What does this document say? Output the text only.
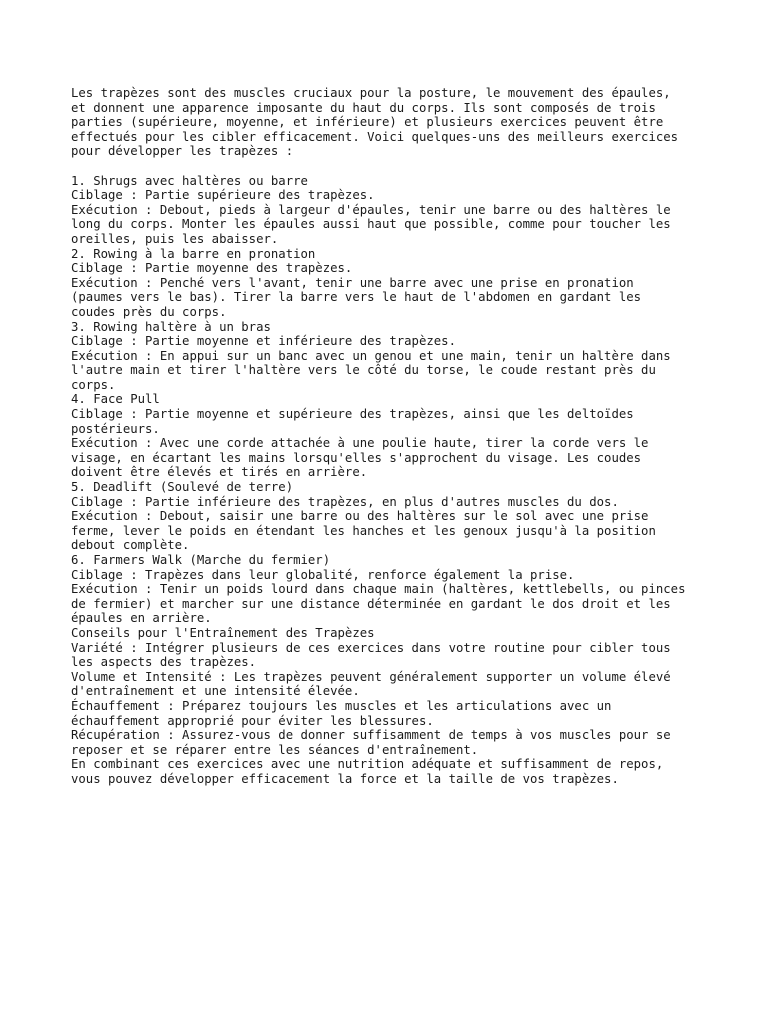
Les trapèzes sont des muscles cruciaux pour la posture, le mouvement des épaules,
et donnent une apparence imposante du haut du corps. Ils sont composés de trois
parties (supérieure, moyenne, et inférieure) et plusieurs exercices peuvent être
effectués pour les cibler efficacement. Voici quelques-uns des meilleurs exercices
pour développer les trapèzes :
1. Shrugs avec haltères ou barre
Ciblage : Partie supérieure des trapèzes.
Exécution : Debout, pieds à largeur d'épaules, tenir une barre ou des haltères le
long du corps. Monter les épaules aussi haut que possible, comme pour toucher les
oreilles, puis les abaisser.
2. Rowing à la barre en pronation
Ciblage : Partie moyenne des trapèzes.
Exécution : Penché vers l'avant, tenir une barre avec une prise en pronation
(paumes vers le bas). Tirer la barre vers le haut de l'abdomen en gardant les
coudes près du corps.
3. Rowing haltère à un bras
Ciblage : Partie moyenne et inférieure des trapèzes.
Exécution : En appui sur un banc avec un genou et une main, tenir un haltère dans
l'autre main et tirer l'haltère vers le côté du torse, le coude restant près du
corps.
4. Face Pull
Ciblage : Partie moyenne et supérieure des trapèzes, ainsi que les deltoïdes
postérieurs.
Exécution : Avec une corde attachée à une poulie haute, tirer la corde vers le
visage, en écartant les mains lorsqu'elles s'approchent du visage. Les coudes
doivent être élevés et tirés en arrière.
5. Deadlift (Soulevé de terre)
Ciblage : Partie inférieure des trapèzes, en plus d'autres muscles du dos.
Exécution : Debout, saisir une barre ou des haltères sur le sol avec une prise
ferme, lever le poids en étendant les hanches et les genoux jusqu'à la position
debout complète.
6. Farmers Walk (Marche du fermier)
Ciblage : Trapèzes dans leur globalité, renforce également la prise.
Exécution : Tenir un poids lourd dans chaque main (haltères, kettlebells, ou pinces
de fermier) et marcher sur une distance déterminée en gardant le dos droit et les
épaules en arrière.
Conseils pour l'Entraînement des Trapèzes
Variété : Intégrer plusieurs de ces exercices dans votre routine pour cibler tous
les aspects des trapèzes.
Volume et Intensité : Les trapèzes peuvent généralement supporter un volume élevé
d'entraînement et une intensité élevée.
Échauffement : Préparez toujours les muscles et les articulations avec un
échauffement approprié pour éviter les blessures.
Récupération : Assurez-vous de donner suffisamment de temps à vos muscles pour se
reposer et se réparer entre les séances d'entraînement.
En combinant ces exercices avec une nutrition adéquate et suffisamment de repos,
vous pouvez développer efficacement la force et la taille de vos trapèzes.
